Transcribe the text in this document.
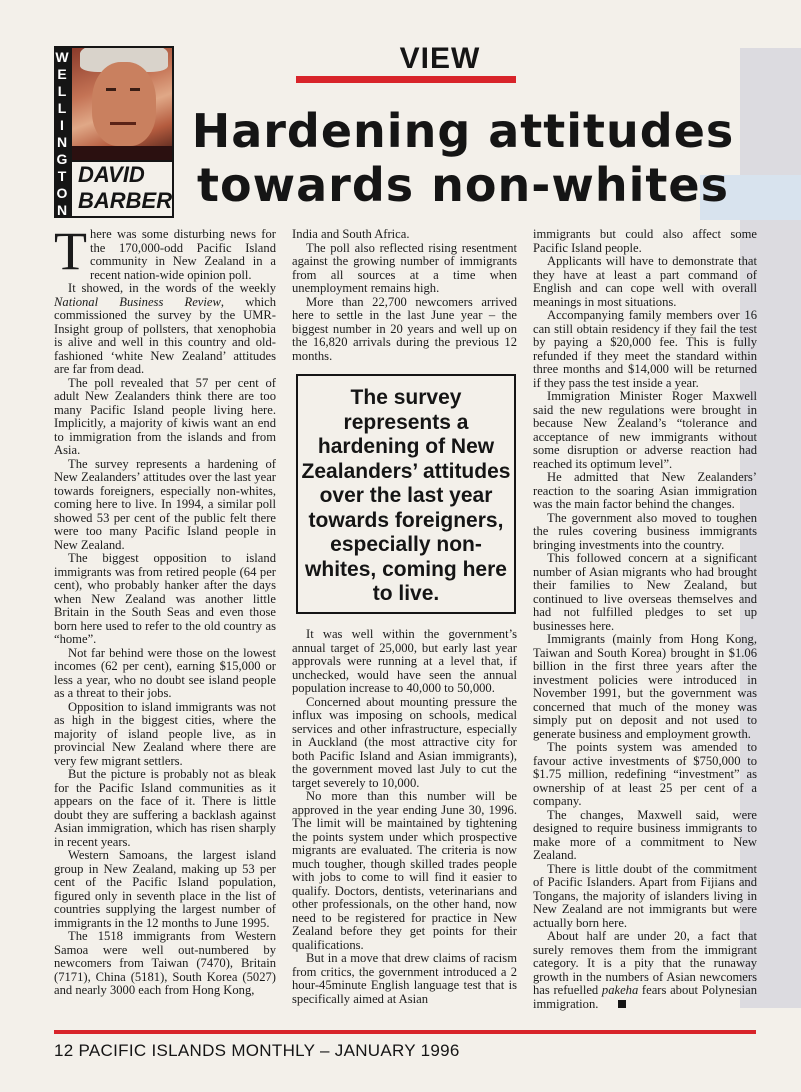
W
E
L
L
I
N
G
T
O
N
DAVID
BARBER
VIEW
Hardening attitudes
towards non-whites

There was some disturbing news for the 170,000-odd Pacific Island community in New Zealand in a recent nation-wide opinion poll.

It showed, in the words of the weekly National Business Review, which commissioned the survey by the UMR-Insight group of pollsters, that xenophobia is alive and well in this country and old-fashioned ‘white New Zealand’ attitudes are far from dead.

The poll revealed that 57 per cent of adult New Zealanders think there are too many Pacific Island people living here. Implicitly, a majority of kiwis want an end to immigration from the islands and from Asia.

The survey represents a hardening of New Zealanders’ attitudes over the last year towards foreigners, especially non-whites, coming here to live. In 1994, a similar poll showed 53 per cent of the public felt there were too many Pacific Island people in New Zealand.

The biggest opposition to island immigrants was from retired people (64 per cent), who probably hanker after the days when New Zealand was another little Britain in the South Seas and even those born here used to refer to the old country as “home”.

Not far behind were those on the lowest incomes (62 per cent), earning $15,000 or less a year, who no doubt see island people as a threat to their jobs.

Opposition to island immigrants was not as high in the biggest cities, where the majority of island people live, as in provincial New Zealand where there are very few migrant settlers.

But the picture is probably not as bleak for the Pacific Island communities as it appears on the face of it. There is little doubt they are suffering a backlash against Asian immigration, which has risen sharply in recent years.

Western Samoans, the largest island group in New Zealand, making up 53 per cent of the Pacific Island population, figured only in seventh place in the list of countries supplying the largest number of immigrants in the 12 months to June 1995.

The 1518 immigrants from Western Samoa were well out-numbered by newcomers from Taiwan (7470), Britain (7171), China (5181), South Korea (5027) and nearly 3000 each from Hong Kong,

India and South Africa.

The poll also reflected rising resentment against the growing number of immigrants from all sources at a time when unemployment remains high.

More than 22,700 newcomers arrived here to settle in the last June year – the biggest number in 20 years and well up on the 16,820 arrivals during the previous 12 months.

The survey represents a hardening of New Zealanders’ attitudes over the last year towards foreigners, especially non-whites, coming here to live.

It was well within the government’s annual target of 25,000, but early last year approvals were running at a level that, if unchecked, would have seen the annual population increase to 40,000 to 50,000.

Concerned about mounting pressure the influx was imposing on schools, medical services and other infrastructure, especially in Auckland (the most attractive city for both Pacific Island and Asian immigrants), the government moved last July to cut the target severely to 10,000.

No more than this number will be approved in the year ending June 30, 1996. The limit will be maintained by tightening the points system under which prospective migrants are evaluated. The criteria is now much tougher, though skilled trades people with jobs to come to will find it easier to qualify. Doctors, dentists, veterinarians and other professionals, on the other hand, now need to be registered for practice in New Zealand before they get points for their qualifications.

But in a move that drew claims of racism from critics, the government introduced a 2 hour-45minute English language test that is specifically aimed at Asian

immigrants but could also affect some Pacific Island people.

Applicants will have to demonstrate that they have at least a part command of English and can cope well with overall meanings in most situations.

Accompanying family members over 16 can still obtain residency if they fail the test by paying a $20,000 fee. This is fully refunded if they meet the standard within three months and $14,000 will be returned if they pass the test inside a year.

Immigration Minister Roger Maxwell said the new regulations were brought in because New Zealand’s “tolerance and acceptance of new immigrants without some disruption or adverse reaction had reached its optimum level”.

He admitted that New Zealanders’ reaction to the soaring Asian immigration was the main factor behind the changes.

The government also moved to toughen the rules covering business immigrants bringing investments into the country.

This followed concern at a significant number of Asian migrants who had brought their families to New Zealand, but continued to live overseas themselves and had not fulfilled pledges to set up businesses here.

Immigrants (mainly from Hong Kong, Taiwan and South Korea) brought in $1.06 billion in the first three years after the investment policies were introduced in November 1991, but the government was concerned that much of the money was simply put on deposit and not used to generate business and employment growth.

The points system was amended to favour active investments of $750,000 to $1.75 million, redefining “investment” as ownership of at least 25 per cent of a company.

The changes, Maxwell said, were designed to require business immigrants to make more of a commitment to New Zealand.

There is little doubt of the commitment of Pacific Islanders. Apart from Fijians and Tongans, the majority of islanders living in New Zealand are not immigrants but were actually born here.

About half are under 20, a fact that surely removes them from the immigrant category. It is a pity that the runaway growth in the numbers of Asian newcomers has refuelled pakeha fears about Polynesian immigration.

12 PACIFIC ISLANDS MONTHLY – JANUARY 1996
